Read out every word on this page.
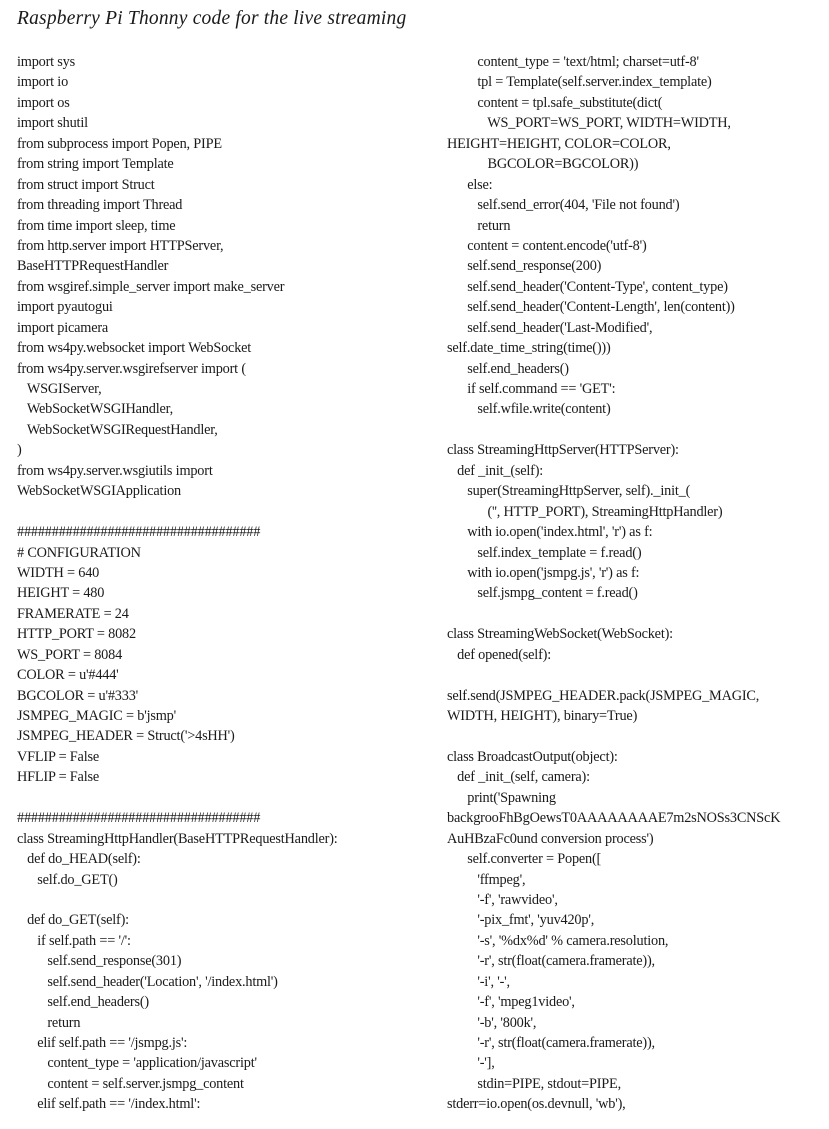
Raspberry Pi Thonny code for the live streaming
import sys
import io
import os
import shutil
from subprocess import Popen, PIPE
from string import Template
from struct import Struct
from threading import Thread
from time import sleep, time
from http.server import HTTPServer,
BaseHTTPRequestHandler
from wsgiref.simple_server import make_server
import pyautogui
import picamera
from ws4py.websocket import WebSocket
from ws4py.server.wsgirefserver import (
WSGIServer,
WebSocketWSGIHandler,
WebSocketWSGIRequestHandler,
)
from ws4py.server.wsgiutils import
WebSocketWSGIApplication
###################################
# CONFIGURATION
WIDTH = 640
HEIGHT = 480
FRAMERATE = 24
HTTP_PORT = 8082
WS_PORT = 8084
COLOR = u'#444'
BGCOLOR = u'#333'
JSMPEG_MAGIC = b'jsmp'
JSMPEG_HEADER = Struct('>4sHH')
VFLIP = False
HFLIP = False
###################################
class StreamingHttpHandler(BaseHTTPRequestHandler):
def do_HEAD(self):
self.do_GET()
def do_GET(self):
if self.path == '/':
self.send_response(301)
self.send_header('Location', '/index.html')
self.end_headers()
return
elif self.path == '/jsmpg.js':
content_type = 'application/javascript'
content = self.server.jsmpg_content
elif self.path == '/index.html':
content_type = 'text/html; charset=utf-8'
tpl = Template(self.server.index_template)
content = tpl.safe_substitute(dict(
WS_PORT=WS_PORT, WIDTH=WIDTH,
HEIGHT=HEIGHT, COLOR=COLOR,
BGCOLOR=BGCOLOR))
else:
self.send_error(404, 'File not found')
return
content = content.encode('utf-8')
self.send_response(200)
self.send_header('Content-Type', content_type)
self.send_header('Content-Length', len(content))
self.send_header('Last-Modified',
self.date_time_string(time()))
self.end_headers()
if self.command == 'GET':
self.wfile.write(content)
class StreamingHttpServer(HTTPServer):
def _init_(self):
super(StreamingHttpServer, self)._init_(
('', HTTP_PORT), StreamingHttpHandler)
with io.open('index.html', 'r') as f:
self.index_template = f.read()
with io.open('jsmpg.js', 'r') as f:
self.jsmpg_content = f.read()
class StreamingWebSocket(WebSocket):
def opened(self):
self.send(JSMPEG_HEADER.pack(JSMPEG_MAGIC,
WIDTH, HEIGHT), binary=True)
class BroadcastOutput(object):
def _init_(self, camera):
print('Spawning
backgrooFhBgOewsT0AAAAAAAAE7m2sNOSs3CNScK
AuHBzaFc0und conversion process')
self.converter = Popen([
'ffmpeg',
'-f', 'rawvideo',
'-pix_fmt', 'yuv420p',
'-s', '%dx%d' % camera.resolution,
'-r', str(float(camera.framerate)),
'-i', '-',
'-f', 'mpeg1video',
'-b', '800k',
'-r', str(float(camera.framerate)),
'-'],
stdin=PIPE, stdout=PIPE,
stderr=io.open(os.devnull, 'wb'),
